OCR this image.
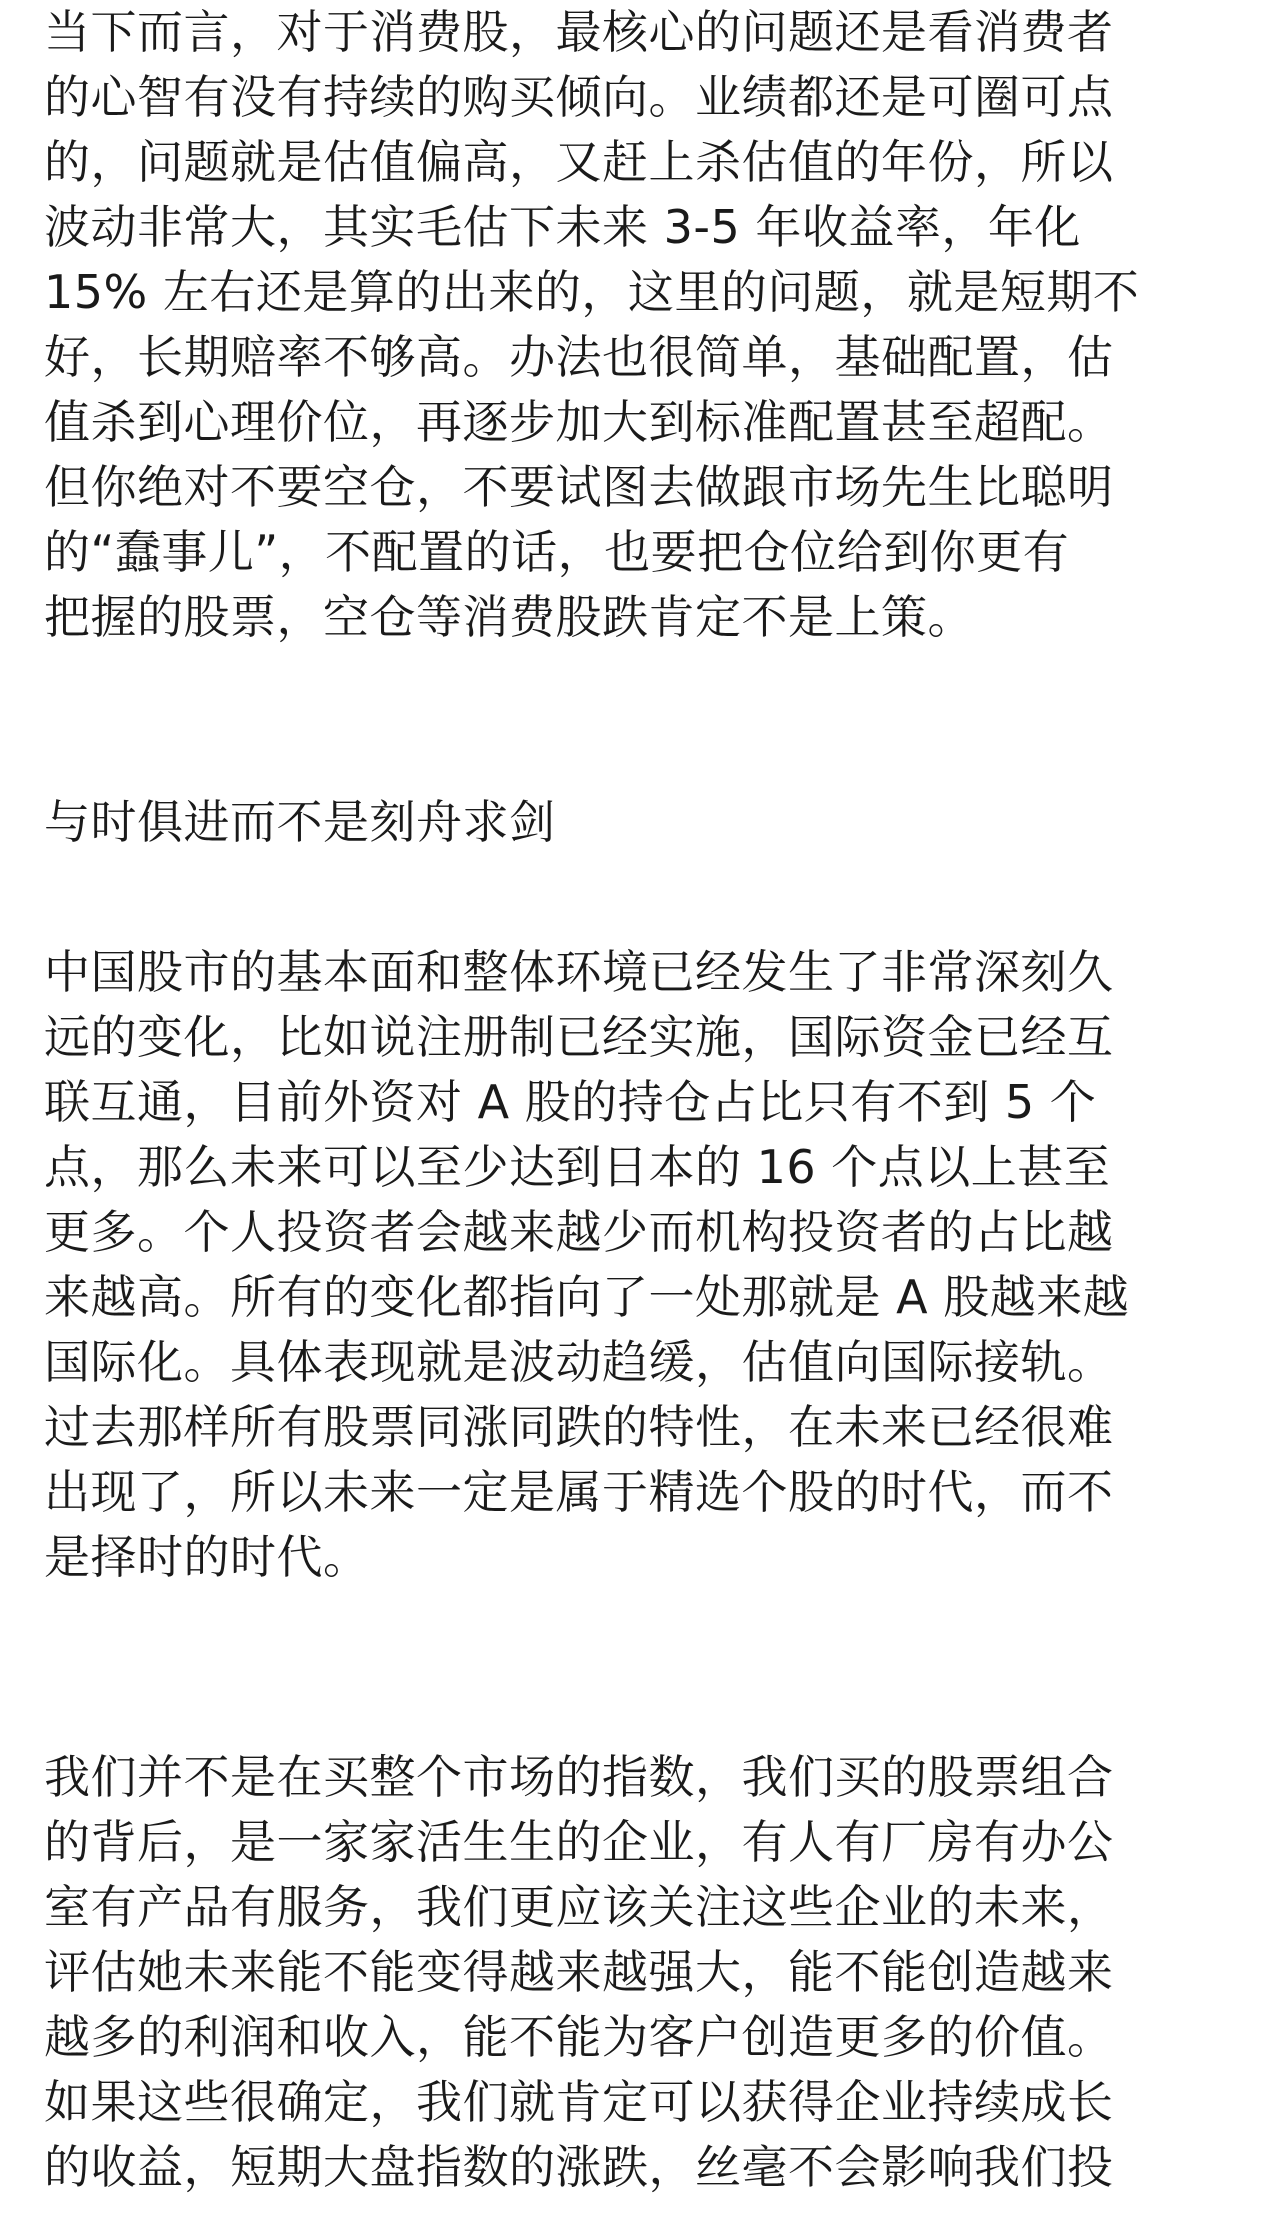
当下而言，对于消费股，最核心的问题还是看消费者
的心智有没有持续的购买倾向。业绩都还是可圈可点
的，问题就是估值偏高，又赶上杀估值的年份，所以
波动非常大，其实毛估下未来 3-5 年收益率，年化
15% 左右还是算的出来的，这里的问题，就是短期不
好，长期赔率不够高。办法也很简单，基础配置，估
值杀到心理价位，再逐步加大到标准配置甚至超配。
但你绝对不要空仓，不要试图去做跟市场先生比聪明
的“蠢事儿”，不配置的话，也要把仓位给到你更有
把握的股票，空仓等消费股跌肯定不是上策。
与时俱进而不是刻舟求剑
中国股市的基本面和整体环境已经发生了非常深刻久
远的变化，比如说注册制已经实施，国际资金已经互
联互通，目前外资对 A 股的持仓占比只有不到 5 个
点，那么未来可以至少达到日本的 16 个点以上甚至
更多。个人投资者会越来越少而机构投资者的占比越
来越高。所有的变化都指向了一处那就是 A 股越来越
国际化。具体表现就是波动趋缓，估值向国际接轨。
过去那样所有股票同涨同跌的特性，在未来已经很难
出现了，所以未来一定是属于精选个股的时代，而不
是择时的时代。
我们并不是在买整个市场的指数，我们买的股票组合
的背后，是一家家活生生的企业，有人有厂房有办公
室有产品有服务，我们更应该关注这些企业的未来，
评估她未来能不能变得越来越强大，能不能创造越来
越多的利润和收入，能不能为客户创造更多的价值。
如果这些很确定，我们就肯定可以获得企业持续成长
的收益，短期大盘指数的涨跌，丝毫不会影响我们投
